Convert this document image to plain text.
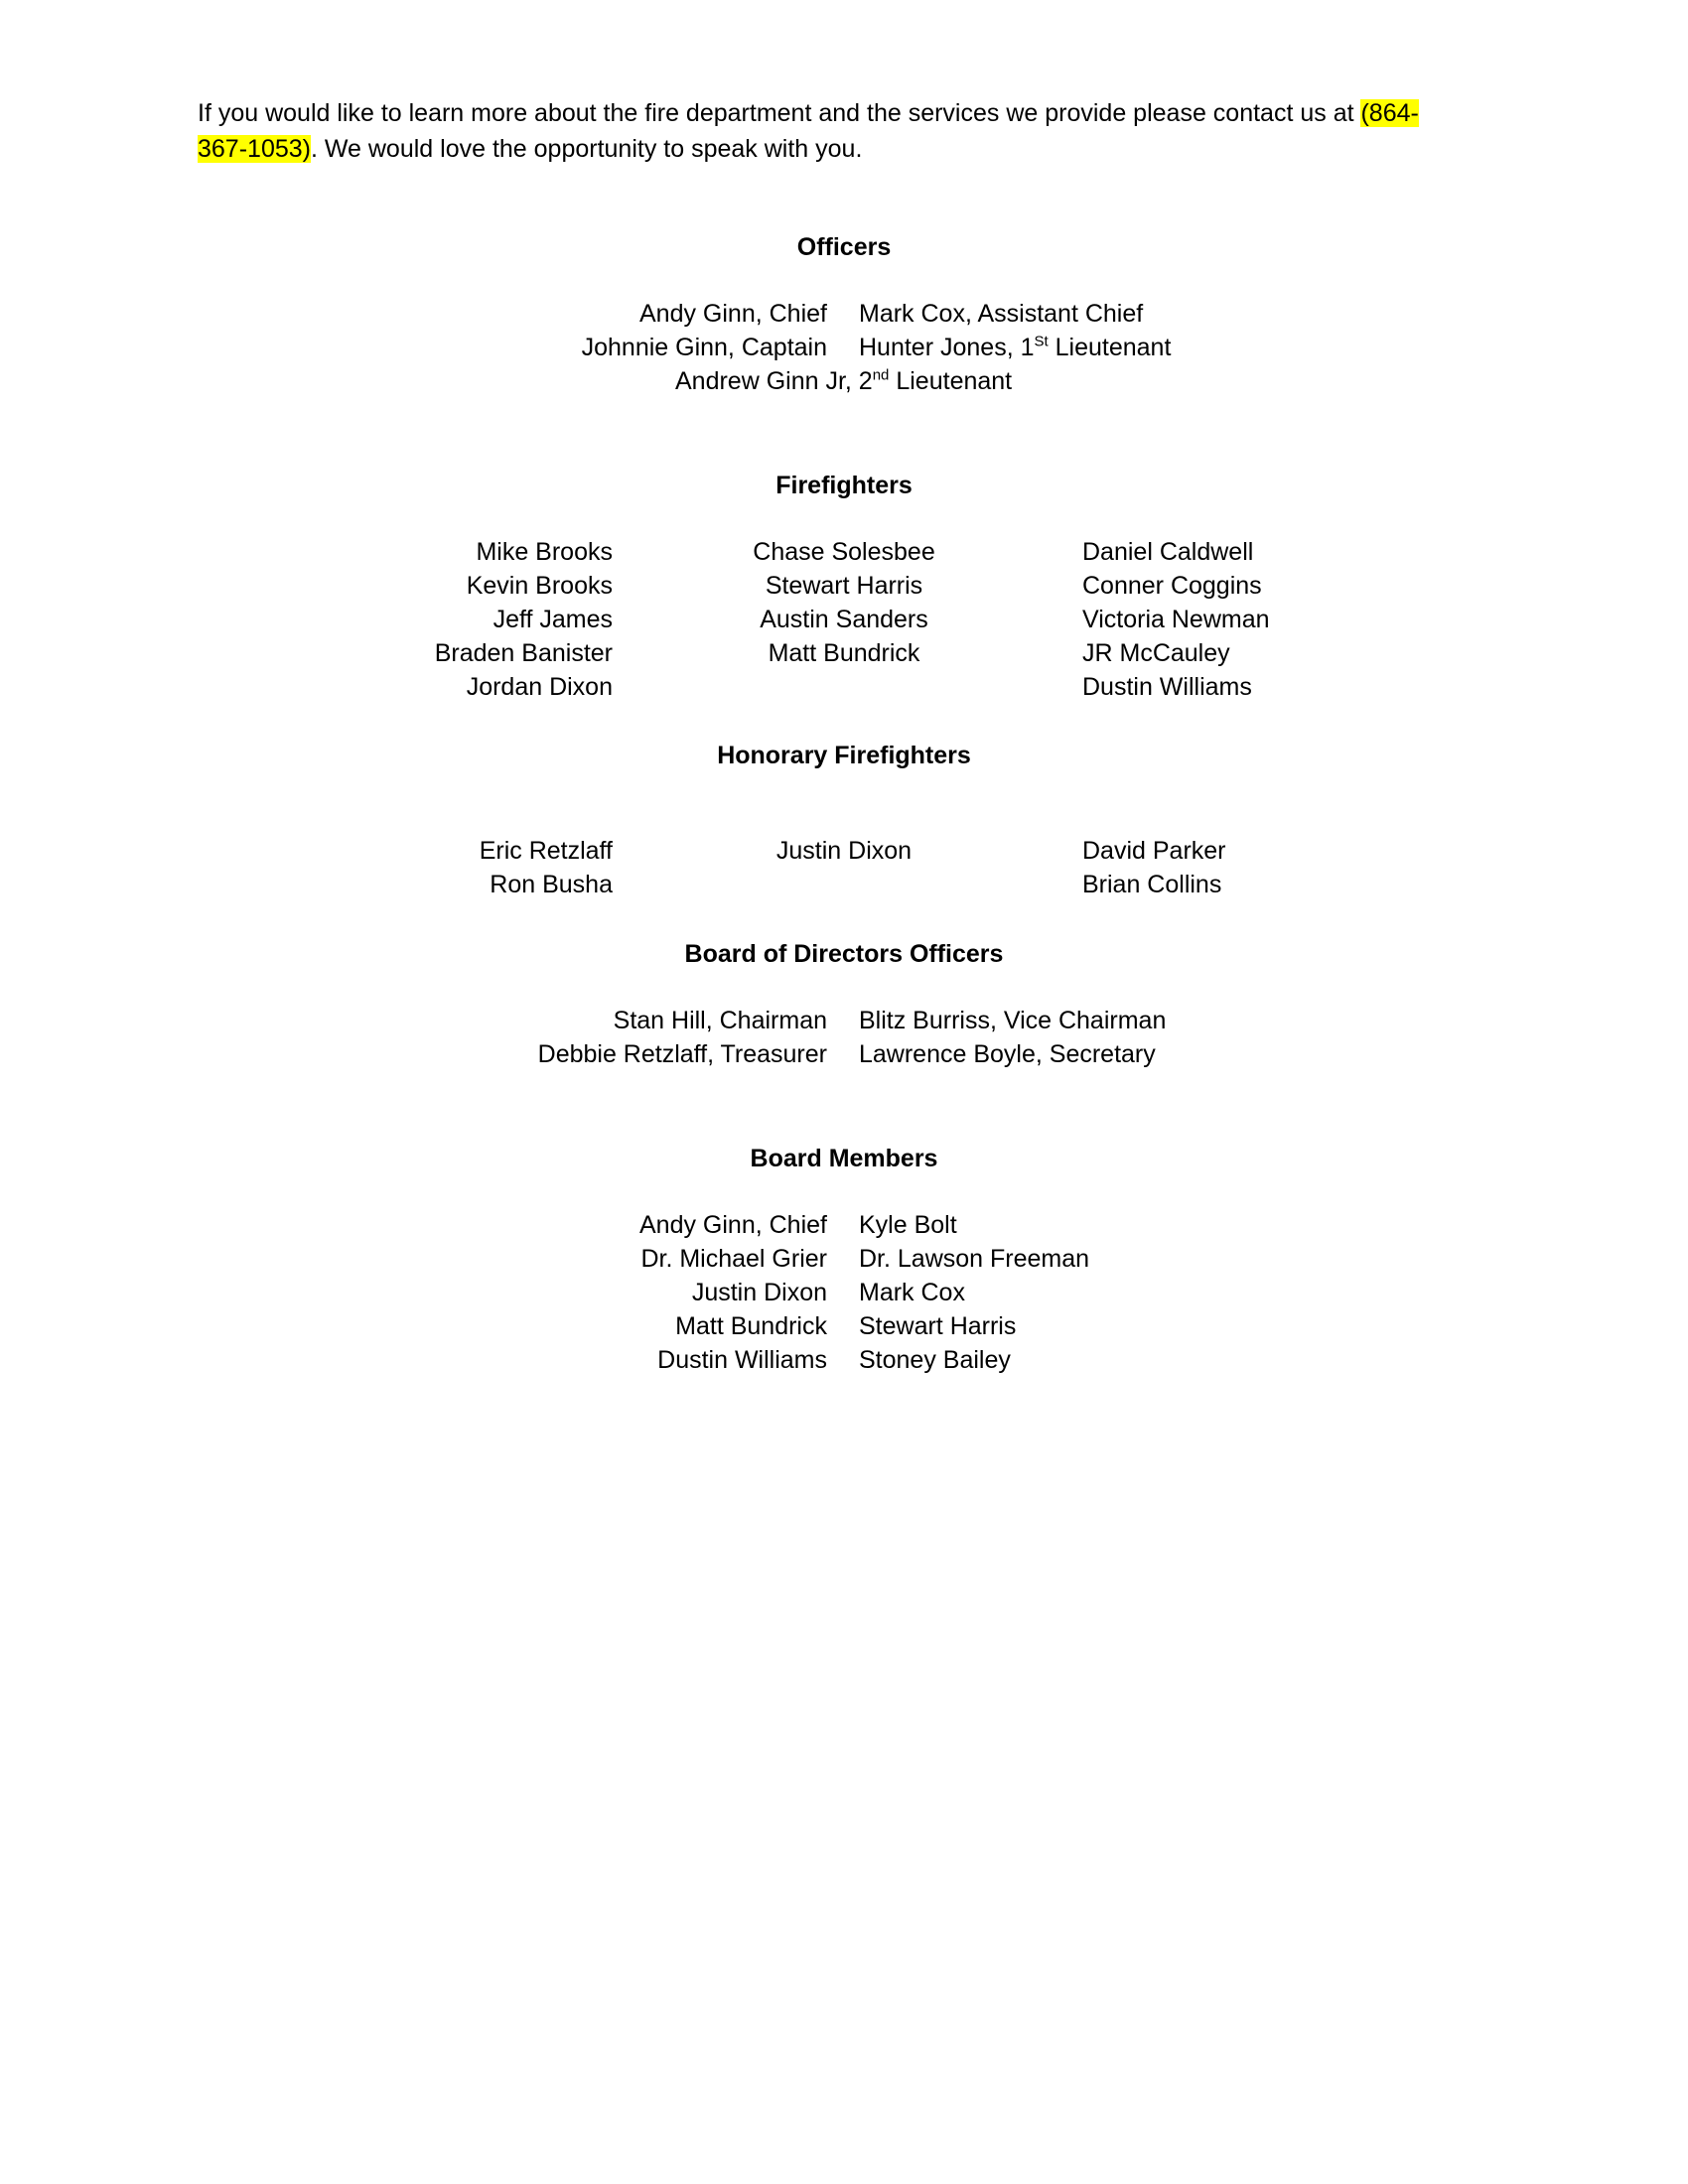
If you would like to learn more about the fire department and the services we provide please contact us at (864-
367-1053). We would love the opportunity to speak with you.

Officers
Andy Ginn, Chief Mark Cox, Assistant Chief
Johnnie Ginn, Captain Hunter Jones, 1St Lieutenant
Andrew Ginn Jr, 2nd Lieutenant
Firefighters
Mike Brooks
Kevin Brooks
Jeff James
Braden Banister
Jordan Dixon
Chase Solesbee
Stewart Harris
Austin Sanders
Matt Bundrick
Daniel Caldwell
Conner Coggins
Victoria Newman
JR McCauley
Dustin Williams
Honorary Firefighters
Eric Retzlaff
Ron Busha
Justin Dixon	David Parker
Brian Collins
Board of Directors Officers
Stan Hill, Chairman Blitz Burriss, Vice Chairman
Debbie Retzlaff, Treasurer Lawrence Boyle, Secretary
Board Members
Andy Ginn, Chief Kyle Bolt
Dr. Michael Grier Dr. Lawson Freeman
Justin Dixon Mark Cox
Matt Bundrick Stewart Harris
Dustin Williams Stoney Bailey
